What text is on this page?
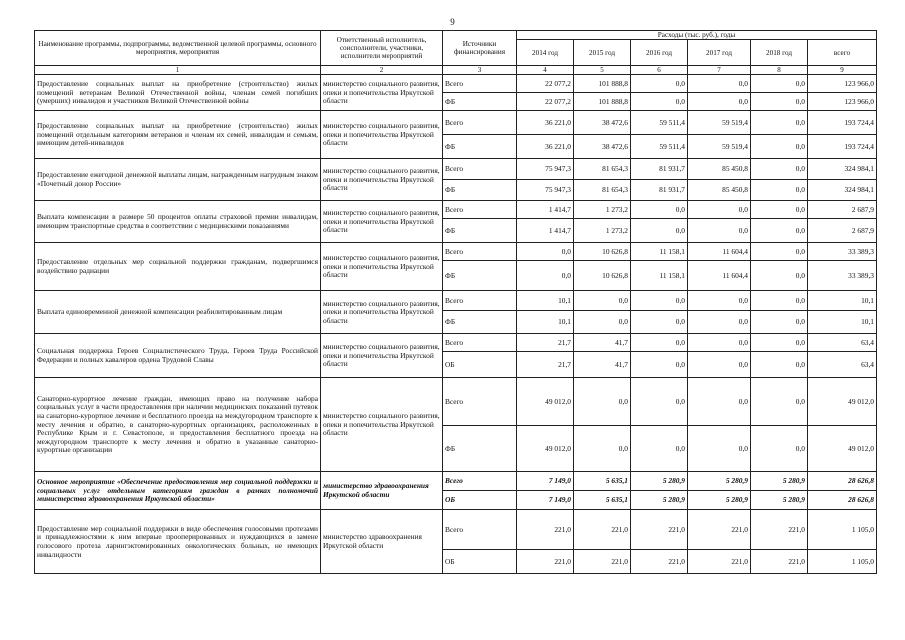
9
Наименование программы, подпрограммы, ведомственной целевой программы, основного мероприятия, мероприятия	Ответственный исполнитель, соисполнители, участники, исполнители мероприятий	Источники финансирования	Расходы (тыс. руб.), годы					
			2014 год	2015 год	2016 год	2017 год	2018 год	всего
1	2	3	4	5	6	7	8	9
Предоставление социальных выплат на приобретение (строительство) жилых помещений ветеранам Великой Отечественной войны, членам семей погибших (умерших) инвалидов и участников Великой Отечественной войны	министерство социального развития, опеки и попечительства Иркутской области	Всего	22 077,2	101 888,8	0,0	0,0	0,0	123 966,0
		ФБ	22 077,2	101 888,8	0,0	0,0	0,0	123 966,0
Предоставление социальных выплат на приобретение (строительство) жилых помещений отдельным категориям ветеранов и членам их семей, инвалидам и семьям, имеющим детей-инвалидов	министерство социального развития, опеки и попечительства Иркутской области	Всего	36 221,0	38 472,6	59 511,4	59 519,4	0,0	193 724,4
		ФБ	36 221,0	38 472,6	59 511,4	59 519,4	0,0	193 724,4
Предоставление ежегодной денежной выплаты лицам, награжденным нагрудным знаком «Почетный донор России»	министерство социального развития, опеки и попечительства Иркутской области	Всего	75 947,3	81 654,3	81 931,7	85 450,8	0,0	324 984,1
		ФБ	75 947,3	81 654,3	81 931,7	85 450,8	0,0	324 984,1
Выплата компенсации в размере 50 процентов оплаты страховой премии инвалидам, имеющим транспортные средства в соответствии с медицинскими показаниями	министерство социального развития, опеки и попечительства Иркутской области	Всего	1 414,7	1 273,2	0,0	0,0	0,0	2 687,9
		ФБ	1 414,7	1 273,2	0,0	0,0	0,0	2 687,9
Предоставление отдельных мер социальной поддержки гражданам, подвергшимся воздействию радиации	министерство социального развития, опеки и попечительства Иркутской области	Всего	0,0	10 626,8	11 158,1	11 604,4	0,0	33 389,3
		ФБ	0,0	10 626,8	11 158,1	11 604,4	0,0	33 389,3
Выплата единовременной денежной компенсации реабилитированным лицам	министерство социального развития, опеки и попечительства Иркутской области	Всего	10,1	0,0	0,0	0,0	0,0	10,1
		ФБ	10,1	0,0	0,0	0,0	0,0	10,1
Социальная поддержка Героев Социалистического Труда, Героев Труда Российской Федерации и полных кавалеров ордена Трудовой Славы	министерство социального развития, опеки и попечительства Иркутской области	Всего	21,7	41,7	0,0	0,0	0,0	63,4
		ОБ	21,7	41,7	0,0	0,0	0,0	63,4
Санаторно-курортное лечение граждан, имеющих право на получение набора социальных услуг в части предоставления при наличии медицинских показаний путевок на санаторно-курортное лечение и бесплатного проезда на междугородном транспорте к месту лечения и обратно, в санаторно-курортных организациях, расположенных в Республике Крым и г. Севастополе, и предоставления бесплатного проезда на междугородном транспорте к месту лечения и обратно в указанные санаторно-курортные организации	министерство социального развития, опеки и попечительства Иркутской области	Всего	49 012,0	0,0	0,0	0,0	0,0	49 012,0
		ФБ	49 012,0	0,0	0,0	0,0	0,0	49 012,0
Основное мероприятие «Обеспечение предоставления мер социальной поддержки и социальных услуг отдельным категориям граждан в рамках полномочий министерства здравоохранения Иркутской области»	министерство здравоохранения Иркутской области	Всего	7 149,0	5 635,1	5 280,9	5 280,9	5 280,9	28 626,8
		ОБ	7 149,0	5 635,1	5 280,9	5 280,9	5 280,9	28 626,8
Предоставление мер социальной поддержки в виде обеспечения голосовыми протезами и принадлежностями к ним впервые прооперированных и нуждающихся в замене голосового протеза ларингэктомированных онкологических больных, не имеющих инвалидности	министерство здравоохранения Иркутской области	Всего	221,0	221,0	221,0	221,0	221,0	1 105,0
		ОБ	221,0	221,0	221,0	221,0	221,0	1 105,0
